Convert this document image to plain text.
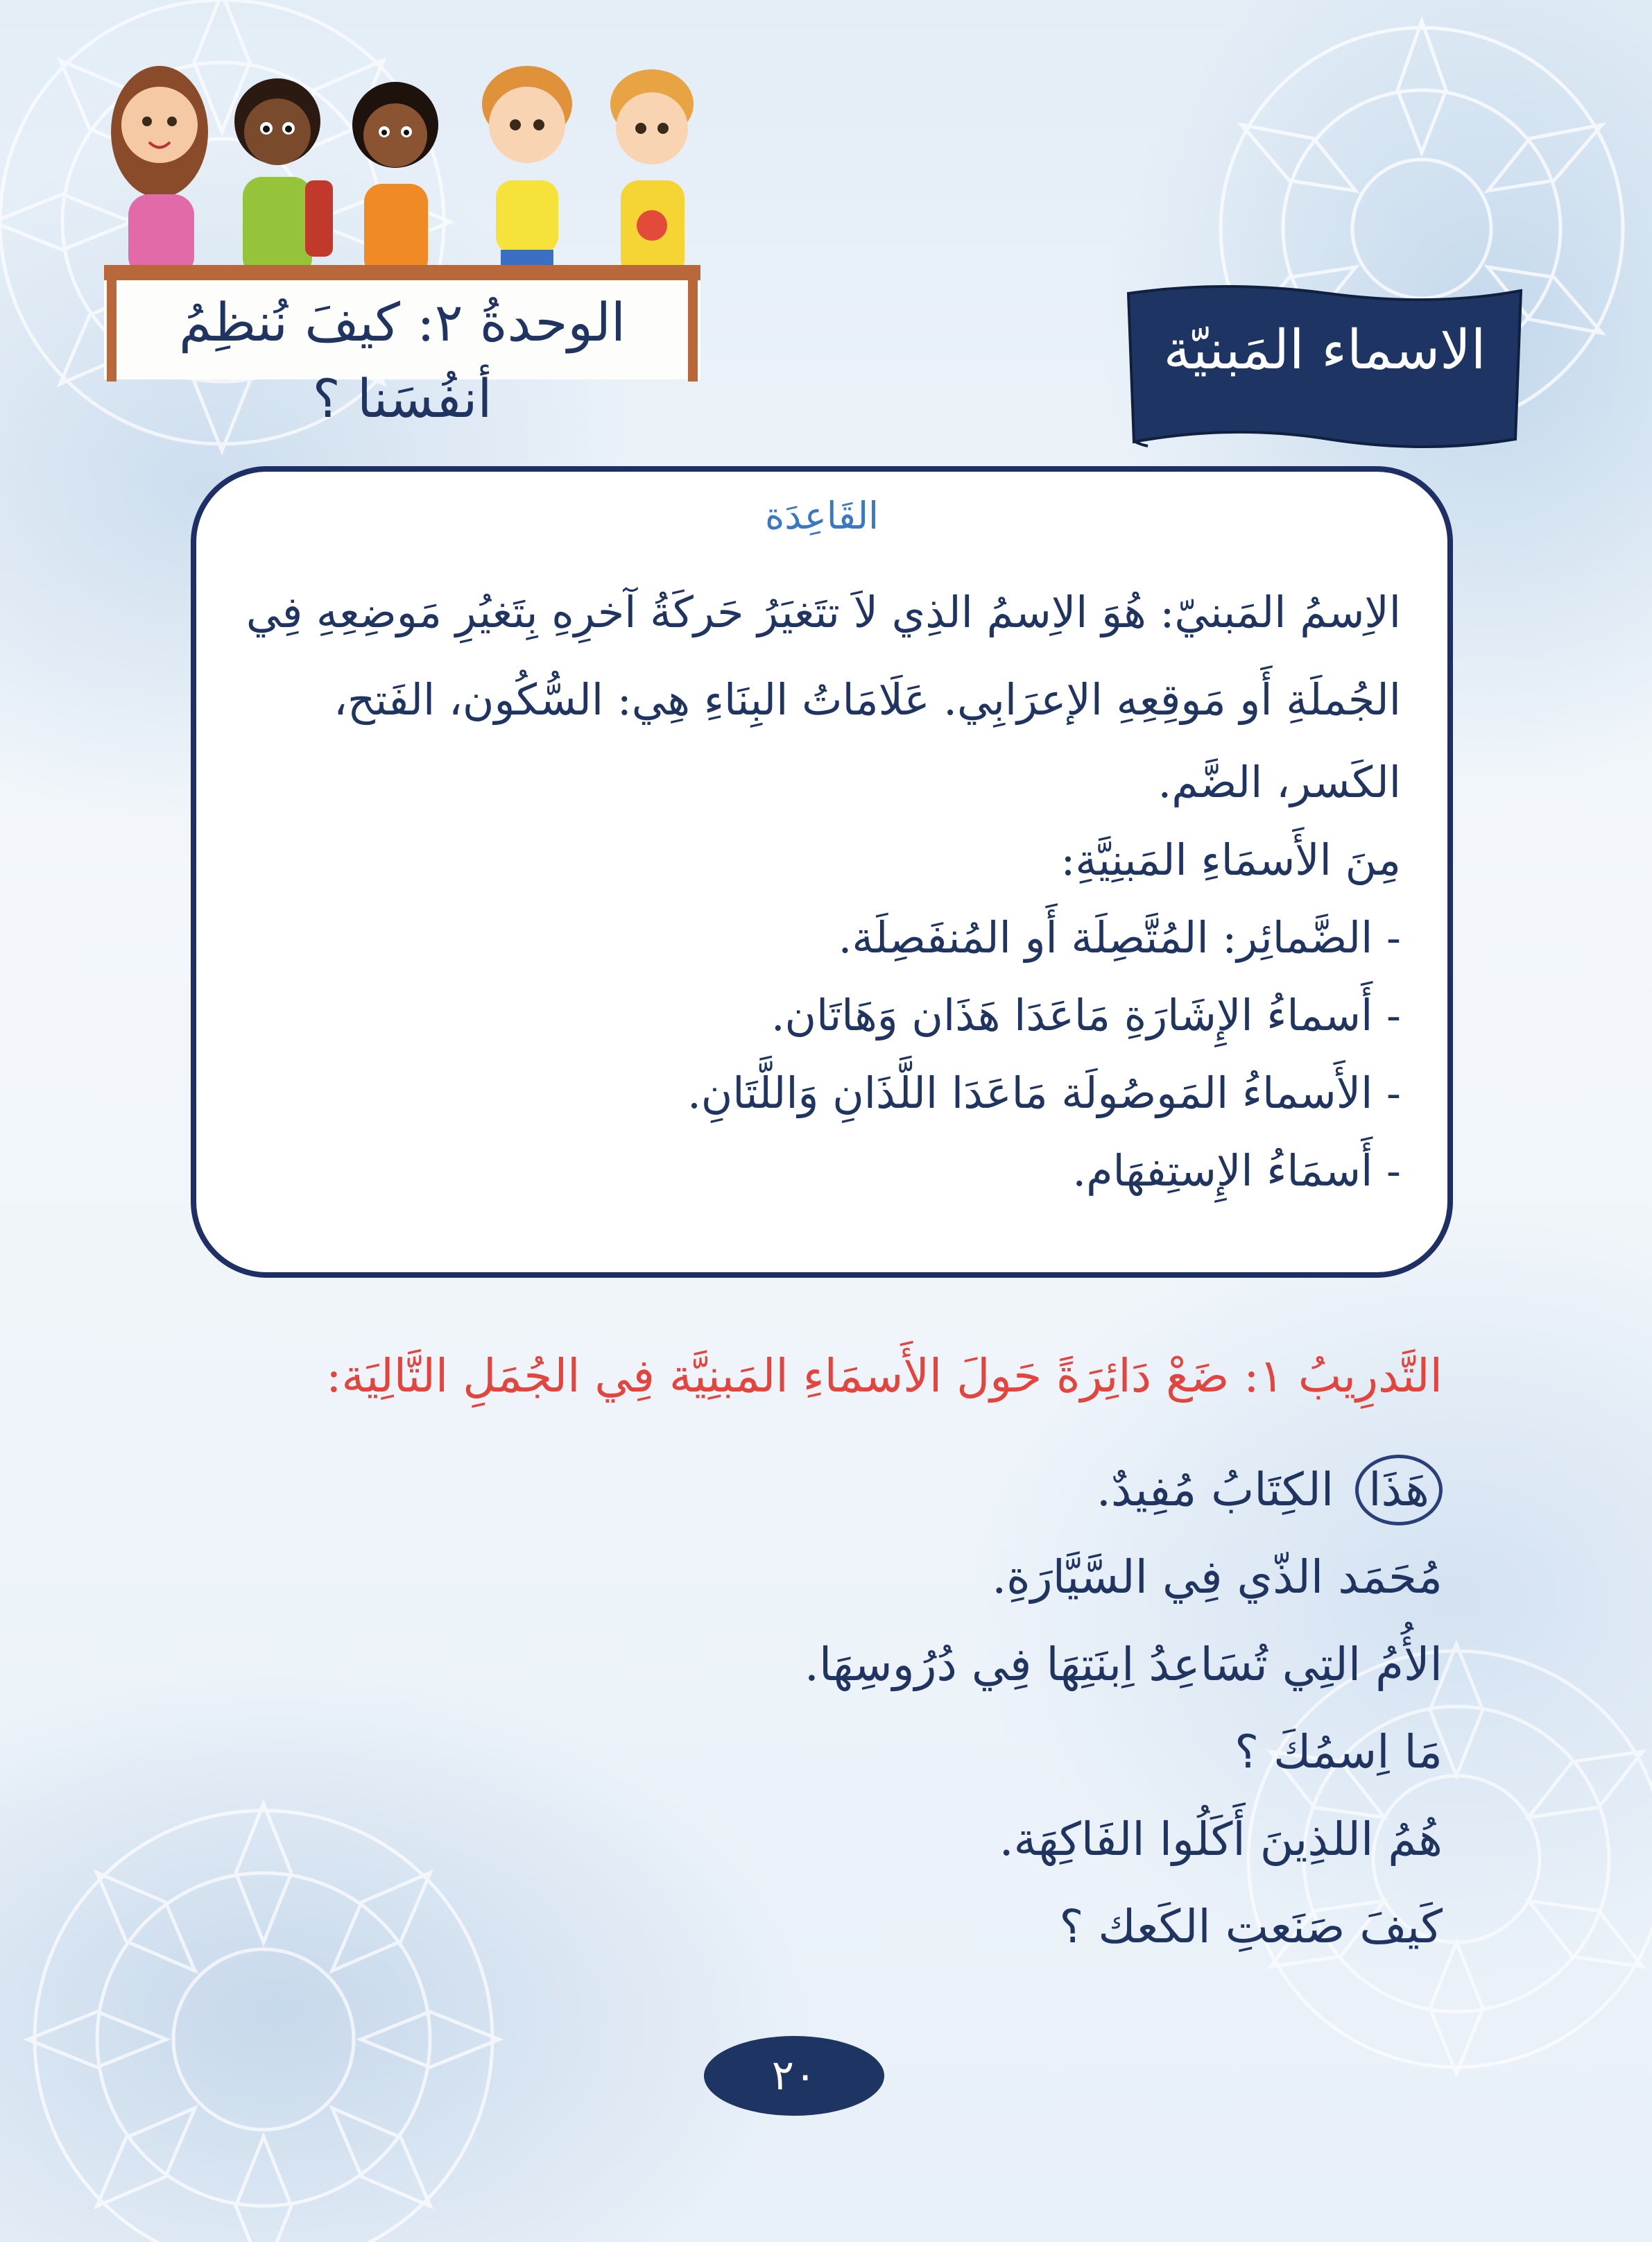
الوحدةُ ٢: كيفَ نُنظِمُ أنفُسَنا ؟
الاسماء المَبنيّة
القَاعِدَة

الاِسمُ المَبنيّ: هُوَ الاِسمُ الذِي لاَ تتَغيَرُ حَركَةُ آخرِهِ بِتَغيُرِ مَوضِعِهِ فِي

الجُملَةِ أَو مَوقِعِهِ الإعرَابِي. عَلَامَاتُ البِنَاءِ هِي: السُّكُون، الفَتح،

الكَسر، الضَّم.

مِنَ الأَسمَاءِ المَبنِيَّةِ:

- الضَّمائِر: المُتَّصِلَة أَو المُنفَصِلَة.

- أَسماءُ الإِشَارَةِ مَاعَدَا هَذَان وَهَاتَان.

- الأَسماءُ المَوصُولَة مَاعَدَا اللَّذَانِ وَاللَّتَانِ.

- أَسمَاءُ الإِستِفهَام.

التَّدرِيبُ ١: ضَعْ دَائِرَةً حَولَ الأَسمَاءِ المَبنِيَّة فِي الجُمَلِ التَّالِيَة:

هَذَا الكِتَابُ مُفِيدٌ.

مُحَمَد الذّي فِي السَّيَّارَةِ.

الأُمُ التِي تُسَاعِدُ اِبنَتِهَا فِي دُرُوسِهَا.

مَا اِسمُكَ ؟

هُمُ اللذِينَ أَكَلُوا الفَاكِهَة.

كَيفَ صَنَعتِ الكَعك ؟

٢٠
